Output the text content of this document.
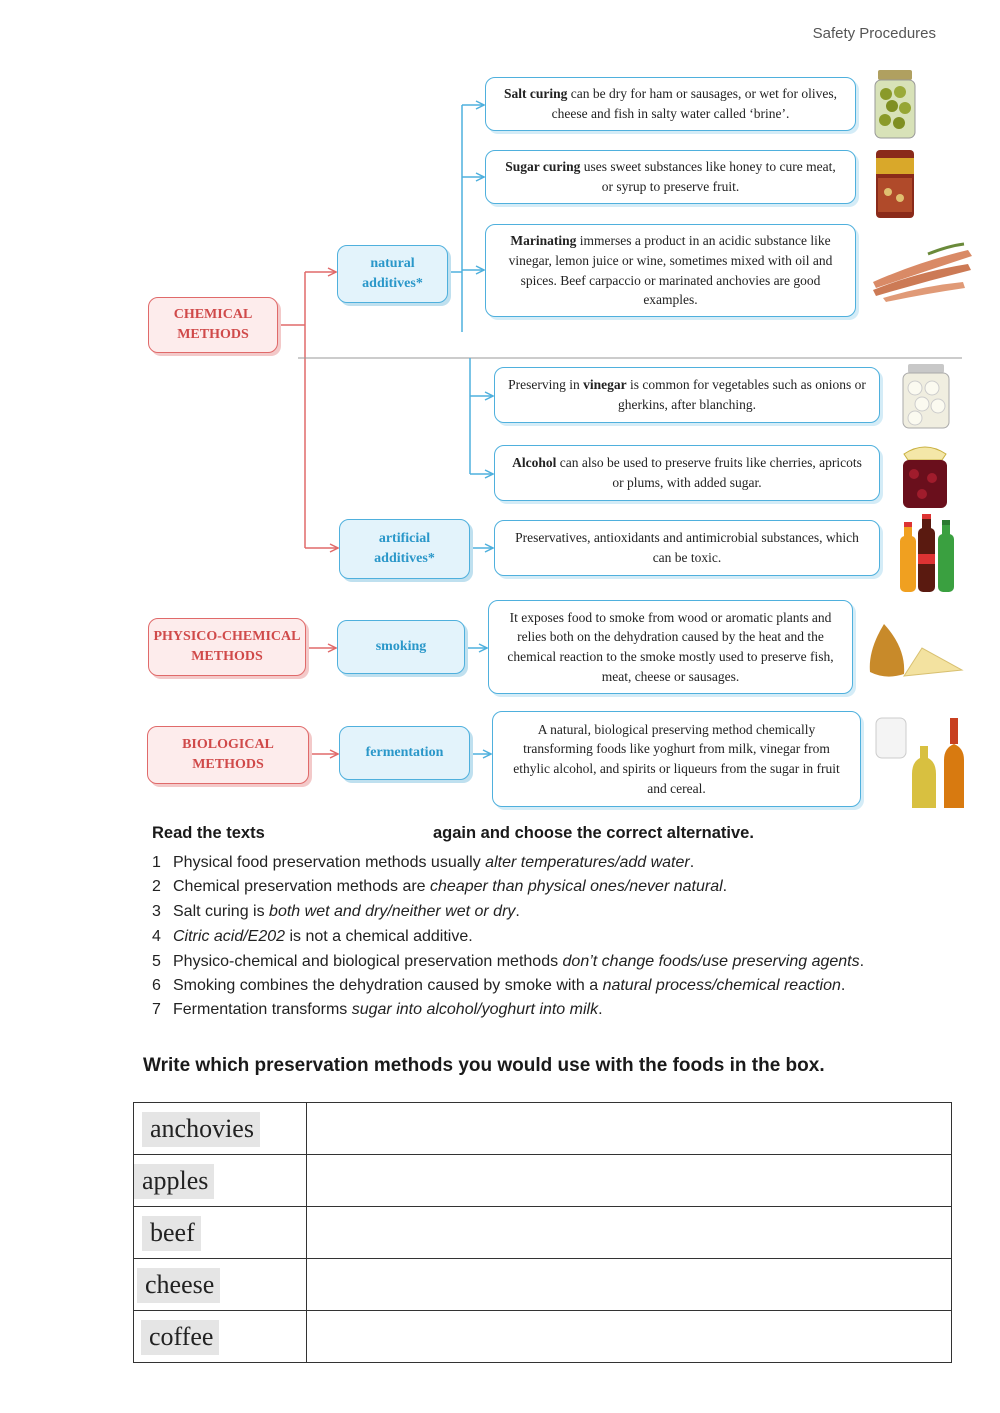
Safety Procedures
CHEMICAL
METHODS
PHYSICO-CHEMICAL
METHODS
BIOLOGICAL
METHODS
natural
additives*
artificial
additives*
smoking
fermentation
Salt curing can be dry for ham or sausages, or wet for olives, cheese and fish in salty water called ‘brine’.
Sugar curing uses sweet substances like honey to cure meat, or syrup to preserve fruit.
Marinating immerses a product in an acidic substance like vinegar, lemon juice or wine, sometimes mixed with oil and spices. Beef carpaccio or marinated anchovies are good examples.
Preserving in vinegar is common for vegetables such as onions or gherkins, after blanching.
Alcohol can also be used to preserve fruits like cherries, apricots or plums, with added sugar.
Preservatives, antioxidants and antimicrobial substances, which can be toxic.
It exposes food to smoke from wood or aromatic plants and relies both on the dehydration caused by the heat and the chemical reaction to the smoke mostly used to preserve fish, meat, cheese or sausages.
A natural, biological preserving method chemically transforming foods like yoghurt from milk, vinegar from ethylic alcohol, and spirits or liqueurs from the sugar in fruit and cereal.
Read the texts	again and choose the correct alternative.
1 Physical food preservation methods usually alter temperatures/add water.
2 Chemical preservation methods are cheaper than physical ones/never natural.
3 Salt curing is both wet and dry/neither wet or dry.
4 Citric acid/E202 is not a chemical additive.
5 Physico-chemical and biological preservation methods don’t change foods/use preserving agents.
6 Smoking combines the dehydration caused by smoke with a natural process/chemical reaction.
7 Fermentation transforms sugar into alcohol/yoghurt into milk.
Write which preservation methods you would use with the foods in the box.
anchovies	
apples	
beef	
cheese	
coffee	
